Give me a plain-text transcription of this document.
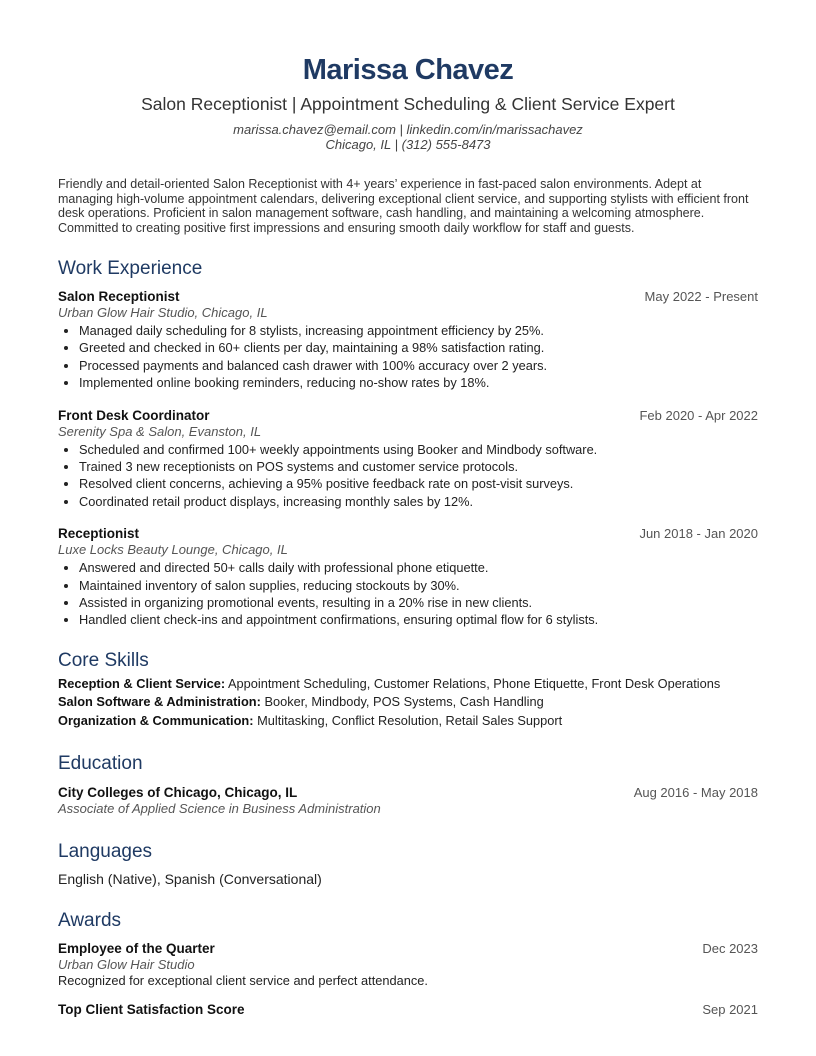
Marissa Chavez
Salon Receptionist | Appointment Scheduling & Client Service Expert
marissa.chavez@email.com | linkedin.com/in/marissachavez
Chicago, IL | (312) 555-8473
Friendly and detail-oriented Salon Receptionist with 4+ years’ experience in fast-paced salon environments. Adept at managing high-volume appointment calendars, delivering exceptional client service, and supporting stylists with efficient front desk operations. Proficient in salon management software, cash handling, and maintaining a welcoming atmosphere. Committed to creating positive first impressions and ensuring smooth daily workflow for staff and guests.
Work Experience
Salon Receptionist	May 2022 - Present
Urban Glow Hair Studio, Chicago, IL
• Managed daily scheduling for 8 stylists, increasing appointment efficiency by 25%.
• Greeted and checked in 60+ clients per day, maintaining a 98% satisfaction rating.
• Processed payments and balanced cash drawer with 100% accuracy over 2 years.
• Implemented online booking reminders, reducing no-show rates by 18%.
Front Desk Coordinator	Feb 2020 - Apr 2022
Serenity Spa & Salon, Evanston, IL
• Scheduled and confirmed 100+ weekly appointments using Booker and Mindbody software.
• Trained 3 new receptionists on POS systems and customer service protocols.
• Resolved client concerns, achieving a 95% positive feedback rate on post-visit surveys.
• Coordinated retail product displays, increasing monthly sales by 12%.
Receptionist	Jun 2018 - Jan 2020
Luxe Locks Beauty Lounge, Chicago, IL
• Answered and directed 50+ calls daily with professional phone etiquette.
• Maintained inventory of salon supplies, reducing stockouts by 30%.
• Assisted in organizing promotional events, resulting in a 20% rise in new clients.
• Handled client check-ins and appointment confirmations, ensuring optimal flow for 6 stylists.
Core Skills
Reception & Client Service: Appointment Scheduling, Customer Relations, Phone Etiquette, Front Desk Operations
Salon Software & Administration: Booker, Mindbody, POS Systems, Cash Handling
Organization & Communication: Multitasking, Conflict Resolution, Retail Sales Support
Education
City Colleges of Chicago, Chicago, IL	Aug 2016 - May 2018
Associate of Applied Science in Business Administration
Languages
English (Native), Spanish (Conversational)
Awards
Employee of the Quarter	Dec 2023
Urban Glow Hair Studio
Recognized for exceptional client service and perfect attendance.
Top Client Satisfaction Score	Sep 2021
